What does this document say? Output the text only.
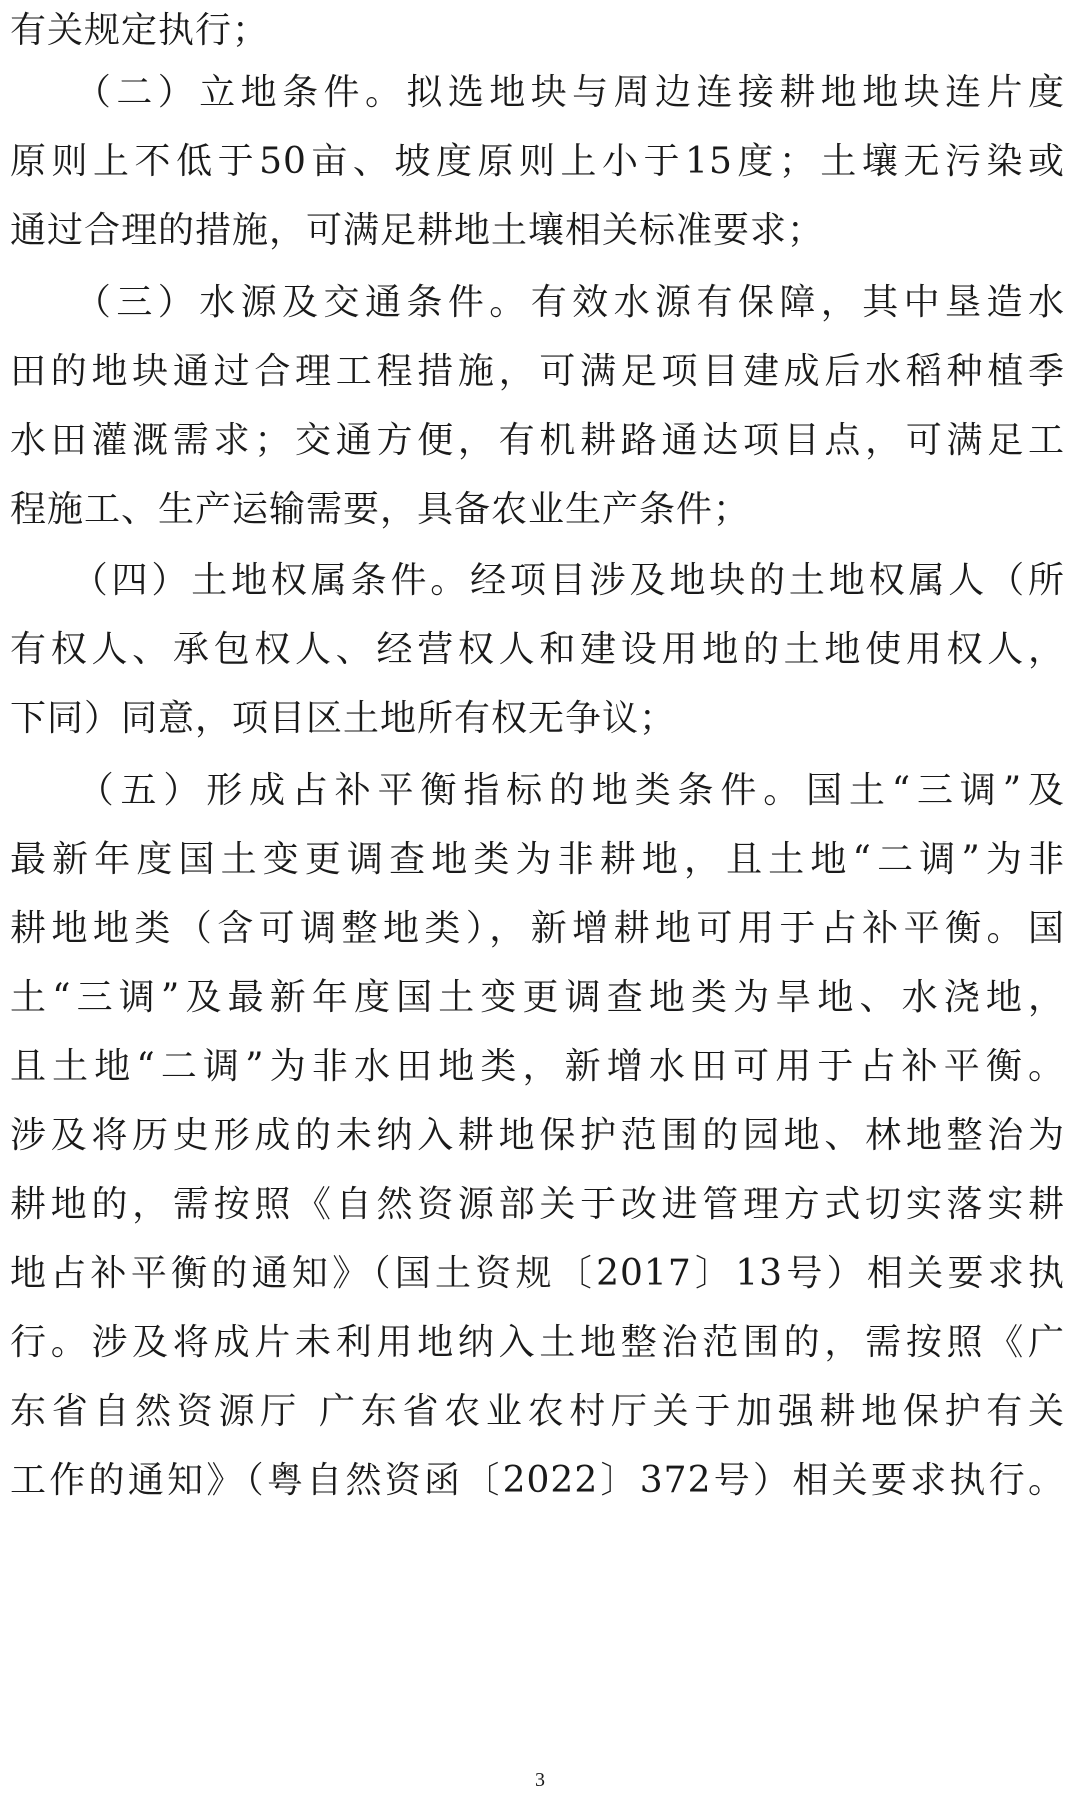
有关规定执行；
　　（二）立地条件。拟选地块与周边连接耕地地块连片度
原则上不低于50亩、坡度原则上小于15度；土壤无污染或
通过合理的措施，可满足耕地土壤相关标准要求；
　　（三）水源及交通条件。有效水源有保障，其中垦造水
田的地块通过合理工程措施，可满足项目建成后水稻种植季
水田灌溉需求；交通方便，有机耕路通达项目点，可满足工
程施工、生产运输需要，具备农业生产条件；
　　（四）土地权属条件。经项目涉及地块的土地权属人（所
有权人、承包权人、经营权人和建设用地的土地使用权人，
下同）同意，项目区土地所有权无争议；
　　（五）形成占补平衡指标的地类条件。国土“三调”及
最新年度国土变更调查地类为非耕地，且土地“二调”为非
耕地地类（含可调整地类），新增耕地可用于占补平衡。国
土“三调”及最新年度国土变更调查地类为旱地、水浇地，
且土地“二调”为非水田地类，新增水田可用于占补平衡。
涉及将历史形成的未纳入耕地保护范围的园地、林地整治为
耕地的，需按照《自然资源部关于改进管理方式切实落实耕
地占补平衡的通知》（国土资规〔2017〕13号）相关要求执
行。涉及将成片未利用地纳入土地整治范围的，需按照《广
东省自然资源厅 广东省农业农村厅关于加强耕地保护有关
工作的通知》（粤自然资函〔2022〕372号）相关要求执行。
3
